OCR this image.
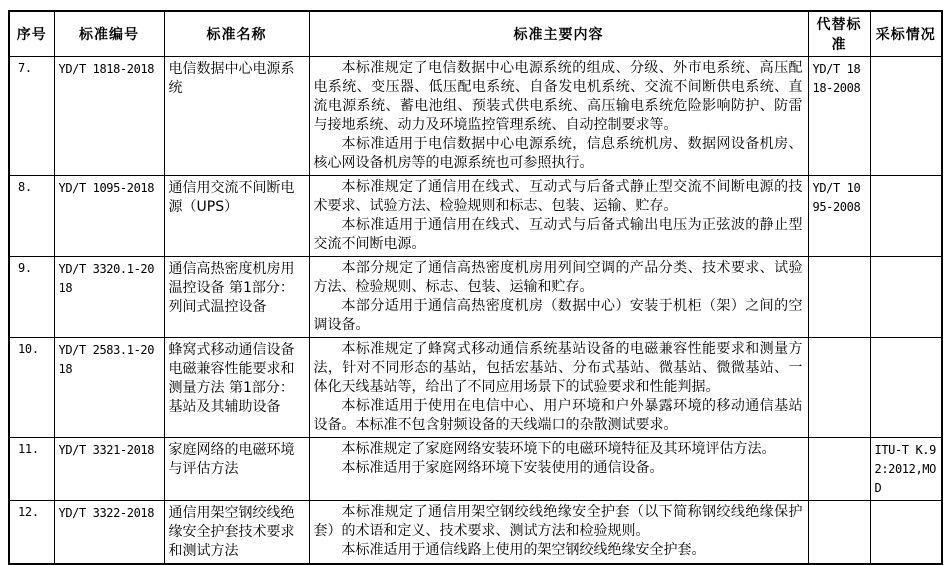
序号	标准编号	标准名称	标准主要内容	代替标准	采标情况
7.	YD/T 1818-2018	电信数据中心电源系统	本标准规定了电信数据中心电源系统的组成、分级、外市电系统、高压配电系统、变压器、低压配电系统、自备发电机系统、交流不间断供电系统、直流电源系统、蓄电池组、预装式供电系统、高压输电系统危险影响防护、防雷与接地系统、动力及环境监控管理系统、自动控制要求等。

本标准适用于电信数据中心电源系统，信息系统机房、数据网设备机房、核心网设备机房等的电源系统也可参照执行。	YD/T 1818-2008	
8.	YD/T 1095-2018	通信用交流不间断电源（UPS）	本标准规定了通信用在线式、互动式与后备式静止型交流不间断电源的技术要求、试验方法、检验规则和标志、包装、运输、贮存。

本标准适用于通信用在线式、互动式与后备式输出电压为正弦波的静止型交流不间断电源。	YD/T 1095-2008	
9.	YD/T 3320.1-2018	通信高热密度机房用温控设备 第1部分：列间式温控设备	本部分规定了通信高热密度机房用列间空调的产品分类、技术要求、试验方法、检验规则、标志、包装、运输和贮存。

本部分适用于通信高热密度机房（数据中心）安装于机柜（架）之间的空调设备。		

10.	YD/T 2583.1-2018	蜂窝式移动通信设备电磁兼容性能要求和测量方法 第1部分：基站及其辅助设备	本标准规定了蜂窝式移动通信系统基站设备的电磁兼容性能要求和测量方法，针对不同形态的基站，包括宏基站、分布式基站、微基站、微微基站、一体化天线基站等，给出了不同应用场景下的试验要求和性能判据。

本标准适用于使用在电信中心、用户环境和户外暴露环境的移动通信基站设备。本标准不包含射频设备的天线端口的杂散测试要求。		

11.	YD/T 3321-2018	家庭网络的电磁环境与评估方法	本标准规定了家庭网络安装环境下的电磁环境特征及其环境评估方法。

本标准适用于家庭网络环境下安装使用的通信设备。		ITU-T K.92:2012,MOD
12.	YD/T 3322-2018	通信用架空钢绞线绝缘安全护套技术要求和测试方法	本标准规定了通信用架空钢绞线绝缘安全护套（以下简称钢绞线绝缘保护套）的术语和定义、技术要求、测试方法和检验规则。

本标准适用于通信线路上使用的架空钢绞线绝缘安全护套。		
